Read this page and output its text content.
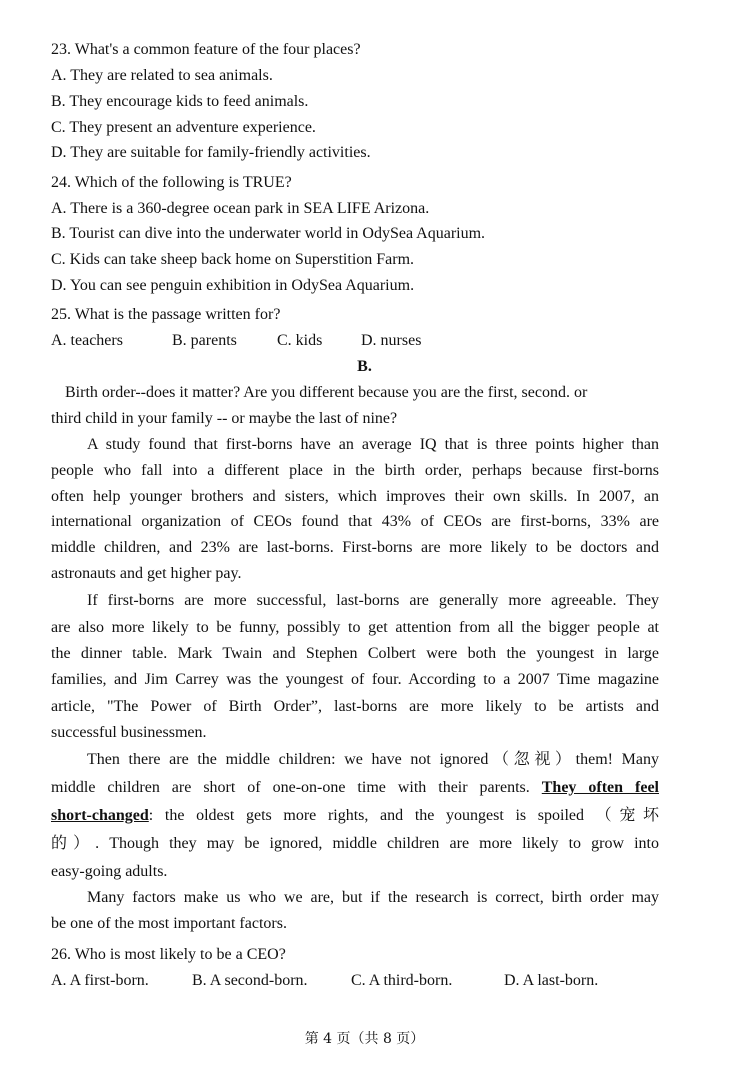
23. What's a common feature of the four places?
A. They are related to sea animals.
B. They encourage kids to feed animals.
C. They present an adventure experience.
D. They are suitable for family-friendly activities.
24. Which of the following is TRUE?
A. There is a 360-degree ocean park in SEA LIFE Arizona.
B. Tourist can dive into the underwater world in OdySea Aquarium.
C. Kids can take sheep back home on Superstition Farm.
D. You can see penguin exhibition in OdySea Aquarium.
25. What is the passage written for?
A. teachers	B. parents	C. kids D. nurses
B.
Birth order--does it matter? Are you different because you are the first, second. or
third child in your family -- or maybe the last of nine?
A study found that first-borns have an average IQ that is three points higher than
people who fall into a different place in the birth order, perhaps because first-borns
often help younger brothers and sisters, which improves their own skills. In 2007, an
international organization of CEOs found that 43% of CEOs are first-borns, 33% are
middle children, and 23% are last-borns. First-borns are more likely to be doctors and
astronauts and get higher pay.
If first-borns are more successful, last-borns are generally more agreeable. They
are also more likely to be funny, possibly to get attention from all the bigger people at
the dinner table. Mark Twain and Stephen Colbert were both the youngest in large
families, and Jim Carrey was the youngest of four. According to a 2007 Time magazine
article, "The Power of Birth Order”, last-borns are more likely to be artists and
successful businessmen.
Then there are the middle children: we have not ignored（忽视）them! Many
middle children are short of one-on-one time with their parents. They often feel
short-changed: the oldest gets more rights, and the youngest is spoiled （宠坏
的）. Though they may be ignored, middle children are more likely to grow into
easy-going adults.
Many factors make us who we are, but if the research is correct, birth order may
be one of the most important factors.
26. Who is most likely to be a CEO?
A. A first-born.	B. A second-born.	C. A third-born.	D. A last-born.
第 4 页（共 8 页）
